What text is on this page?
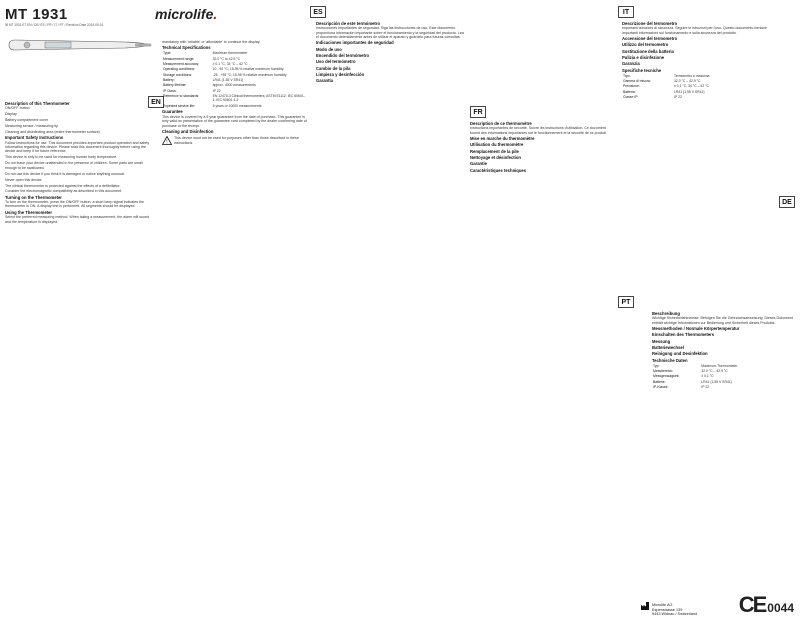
MT 1931
IB MT 1931 E7 EN / DE/ ES / FR / IT / PT / Revision Date 2019-09-01
microlife.
EN
DE
ES
FR
IT
PT
Description of this Thermometer

ON/OFF button

Display

Battery compartment cover

Measuring sensor / measuring tip

Cleaning and disinfecting area (entire thermometer surface)

Important Safety Instructions

Follow instructions for use. This document provides important product operation and safety information regarding this device. Please read this document thoroughly before using the device and keep it for future reference.

This device is only to be used for measuring human body temperature.

Do not leave your device unattended in the presence of children. Some parts are small enough to be swallowed.

Do not use this device if you think it is damaged or notice anything unusual.

Never open this device.

The clinical thermometer is protected against the effects of a defibrillator.

Consider the electromagnetic compatibility as described in this document.

Turning on the Thermometer

To turn on the thermometer, press the ON/OFF button; a short beep signal indicates the thermometer is ON. A display test is performed. All segments should be displayed.

Using the Thermometer

Select the preferred measuring method. When taking a measurement, the alarm will sound and the temperature is displayed.

mandatory with 'reliable' or 'affordable' to continue the display.

Technical Specifications
Type:	Maximum thermometer
Measurement range:	32.0 °C to 42.9 °C
Measurement accuracy:	± 0.1 °C, 34 °C – 42 °C
Operating conditions:	10 - 40 °C; 15-95 % relative maximum humidity
Storage conditions:	-25 - +55 °C; 15-95 % relative maximum humidity
Battery:	LR41 (1.55 V SR41)
Battery lifetime:	approx. 4000 measurements
IP Class:	IP 22
Reference to standards:	EN 12470-3 Clinical thermometers; ASTM E1112; IEC 60601-1; IEC 60601-1-2
Expected service life:	5 years or 10000 measurements
Guarantee

This device is covered by a 5 year guarantee from the date of purchase. This guarantee is only valid on presentation of the guarantee card completed by the dealer confirming date of purchase or the receipt.

Cleaning and Disinfection
!

This device must not be used for purposes other than those described in these instructions.

Descripción de este termómetro

Instrucciones importantes de seguridad. Siga las instrucciones de uso. Este documento proporciona información importante sobre el funcionamiento y la seguridad del producto. Lea el documento detenidamente antes de utilizar el aparato y guárdelo para futuras consultas.

Indicaciones importantes de seguridad
Modo de uso
Encendido del termómetro
Uso del termómetro
Cambio de la pila
Limpieza y desinfección
Garantía
Description de ce thermomètre

Instructions importantes de sécurité. Suivre les instructions d'utilisation. Ce document fournit des informations importantes sur le fonctionnement et la sécurité de ce produit.

Mise en marche du thermomètre
Utilisation du thermomètre
Remplacement de la pile
Nettoyage et désinfection
Garantie
Caractéristiques techniques
Descrizione del termometro

Importanti istruzioni di sicurezza. Seguire le istruzioni per l'uso. Questo documento fornisce importanti informazioni sul funzionamento e sulla sicurezza del prodotto.

Accensione del termometro
Utilizzo del termometro
Sostituzione della batteria
Pulizia e disinfezione
Garanzia
Specifiche tecniche
Tipo:	Termometro a massima
Gamma di misura:	32,0 °C – 42,9 °C
Precisione:	± 0,1 °C, 34 °C – 42 °C
Batteria:	LR41 (1,55 V SR41)
Classe IP:	IP 22
Beschreibung

Wichtige Sicherheitshinweise. Befolgen Sie die Gebrauchsanweisung. Dieses Dokument enthält wichtige Informationen zur Bedienung und Sicherheit dieses Produkts.

Messmethoden / Normale Körpertemperatur
Einschalten des Thermometers
Messung
Batteriewechsel
Reinigung und Desinfektion
Technische Daten
Typ:	Maximum-Thermometer
Messbereich:	32,0 °C – 42,9 °C
Messgenauigkeit:	± 0,1 °C
Batterie:	LR41 (1,55 V SR41)
IP-Klasse:	IP 22
Microlife AG
Espenstrasse 139
9443 Widnau / Switzerland CE 0044
